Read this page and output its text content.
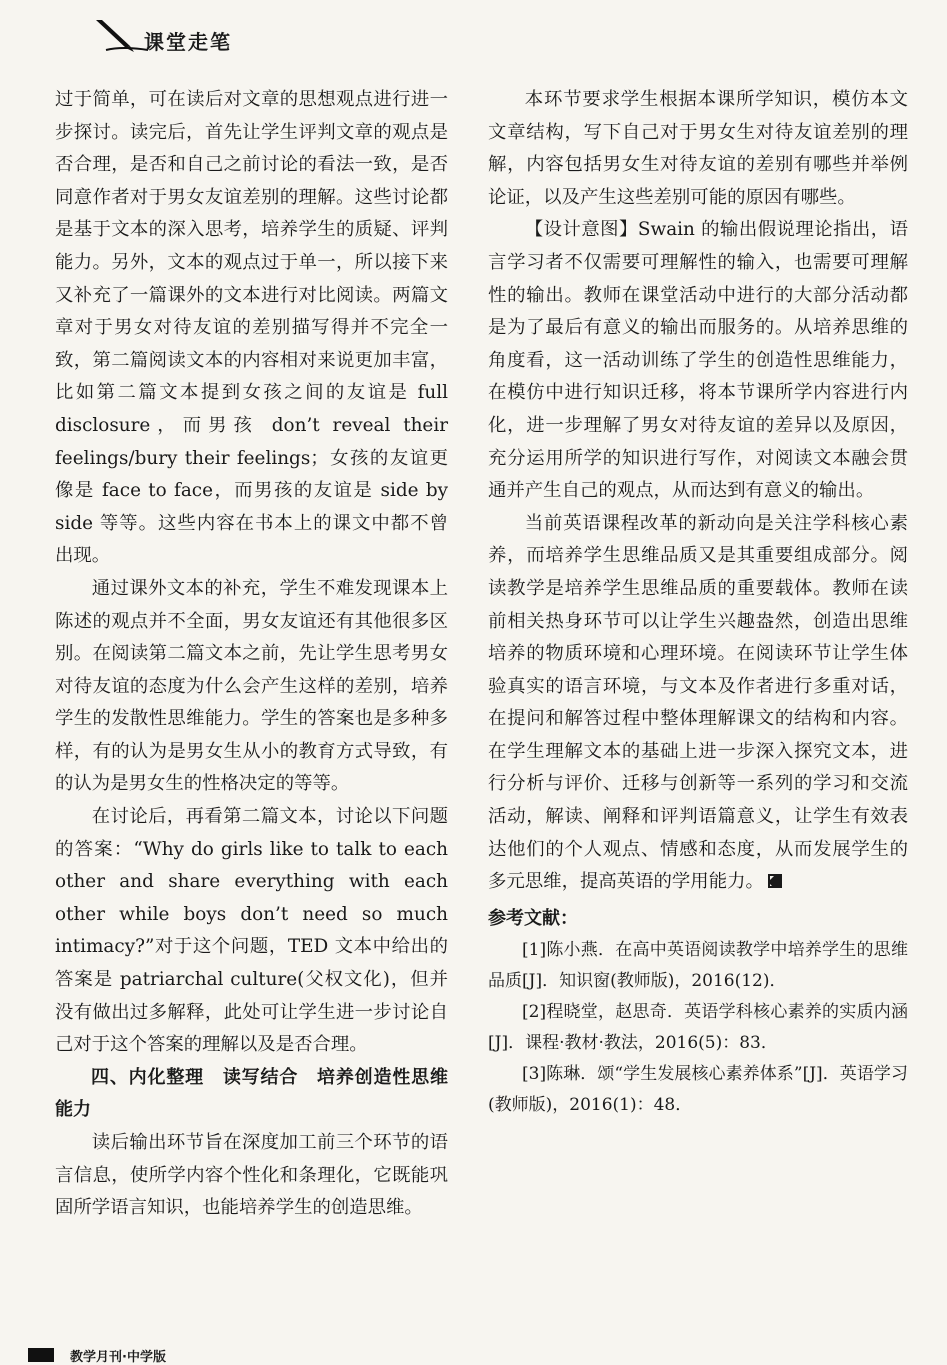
课堂走笔

过于简单，可在读后对文章的思想观点进行进一步探讨。读完后，首先让学生评判文章的观点是否合理，是否和自己之前讨论的看法一致，是否同意作者对于男女友谊差别的理解。这些讨论都是基于文本的深入思考，培养学生的质疑、评判能力。另外，文本的观点过于单一，所以接下来又补充了一篇课外的文本进行对比阅读。两篇文章对于男女对待友谊的差别描写得并不完全一致，第二篇阅读文本的内容相对来说更加丰富，比如第二篇文本提到女孩之间的友谊是 full disclosure，而男孩 don’t reveal their feelings/bury their feelings；女孩的友谊更像是 face to face，而男孩的友谊是 side by side 等等。这些内容在书本上的课文中都不曾出现。

通过课外文本的补充，学生不难发现课本上陈述的观点并不全面，男女友谊还有其他很多区别。在阅读第二篇文本之前，先让学生思考男女对待友谊的态度为什么会产生这样的差别，培养学生的发散性思维能力。学生的答案也是多种多样，有的认为是男女生从小的教育方式导致，有的认为是男女生的性格决定的等等。

在讨论后，再看第二篇文本，讨论以下问题的答案：“Why do girls like to talk to each other and share everything with each other while boys don’t need so much intimacy?”对于这个问题，TED 文本中给出的答案是 patriarchal culture(父权文化)，但并没有做出过多解释，此处可让学生进一步讨论自己对于这个答案的理解以及是否合理。

四、内化整理　读写结合　培养创造性思维能力

读后输出环节旨在深度加工前三个环节的语言信息，使所学内容个性化和条理化，它既能巩固所学语言知识，也能培养学生的创造思维。

本环节要求学生根据本课所学知识，模仿本文文章结构，写下自己对于男女生对待友谊差别的理解，内容包括男女生对待友谊的差别有哪些并举例论证，以及产生这些差别可能的原因有哪些。

【设计意图】Swain 的输出假说理论指出，语言学习者不仅需要可理解性的输入，也需要可理解性的输出。教师在课堂活动中进行的大部分活动都是为了最后有意义的输出而服务的。从培养思维的角度看，这一活动训练了学生的创造性思维能力，在模仿中进行知识迁移，将本节课所学内容进行内化，进一步理解了男女对待友谊的差异以及原因，充分运用所学的知识进行写作，对阅读文本融会贯通并产生自己的观点，从而达到有意义的输出。

当前英语课程改革的新动向是关注学科核心素养，而培养学生思维品质又是其重要组成部分。阅读教学是培养学生思维品质的重要载体。教师在读前相关热身环节可以让学生兴趣盎然，创造出思维培养的物质环境和心理环境。在阅读环节让学生体验真实的语言环境，与文本及作者进行多重对话，在提问和解答过程中整体理解课文的结构和内容。在学生理解文本的基础上进一步深入探究文本，进行分析与评价、迁移与创新等一系列的学习和交流活动，解读、阐释和评判语篇意义，让学生有效表达他们的个人观点、情感和态度，从而发展学生的多元思维，提高英语的学用能力。

参考文献：

[1]陈小燕．在高中英语阅读教学中培养学生的思维品质[J]．知识窗(教师版)，2016(12)．

[2]程晓堂，赵思奇．英语学科核心素养的实质内涵[J]．课程·教材·教法，2016(5)：83．

[3]陈琳．颂“学生发展核心素养体系”[J]．英语学习(教师版)，2016(1)：48．

教学月刊·中学版
